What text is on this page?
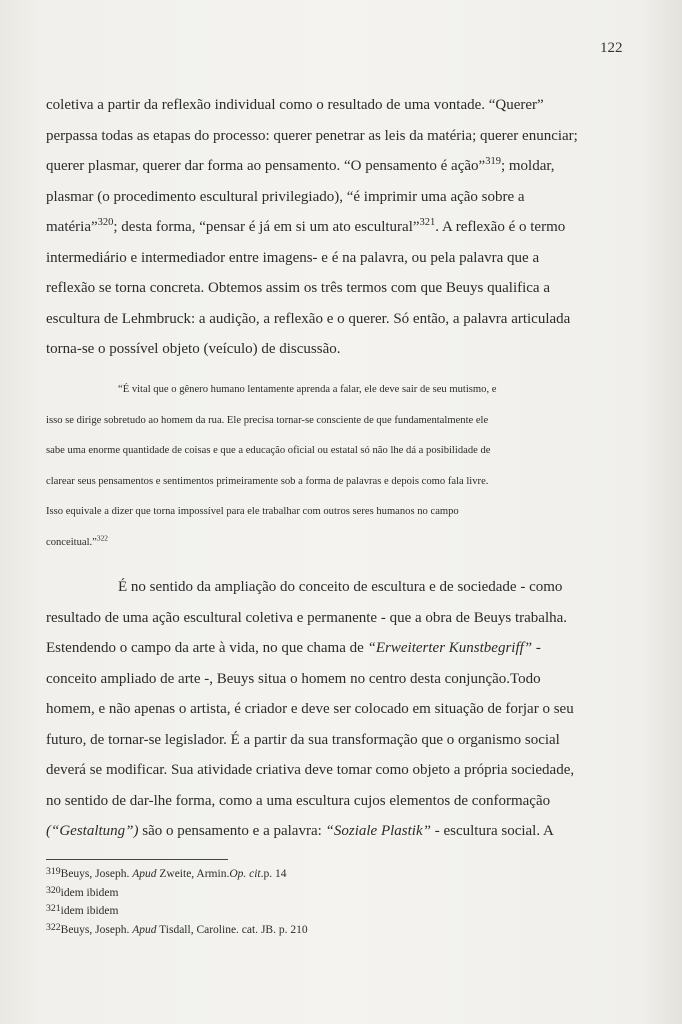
122
coletiva a partir da reflexão individual como o resultado de uma vontade. “Querer”
perpassa todas as etapas do processo: querer penetrar as leis da matéria; querer enunciar;
querer plasmar, querer dar forma ao pensamento. “O pensamento é ação”$^{319}$; moldar,
plasmar (o procedimento escultural privilegiado), “é imprimir uma ação sobre a
matéria”$^{320}$; desta forma, “pensar é já em si um ato escultural”$^{321}$. A reflexão é o termo
intermediário e intermediador entre imagens- e é na palavra, ou pela palavra que a
reflexão se torna concreta. Obtemos assim os três termos com que Beuys qualifica a
escultura de Lehmbruck: a audição, a reflexão e o querer. Só então, a palavra articulada
torna-se o possível objeto (veículo) de discussão.
“É vital que o gênero humano lentamente aprenda a falar, ele deve sair de seu mutismo, e
isso se dirige sobretudo ao homem da rua. Ele precisa tornar-se consciente de que fundamentalmente ele
sabe uma enorme quantidade de coisas e que a educação oficial ou estatal só não lhe dá a posibilidade de
clarear seus pensamentos e sentimentos primeiramente sob a forma de palavras e depois como fala livre.
Isso equivale a dizer que torna impossível para ele trabalhar com outros seres humanos no campo
conceitual.”$^{322}$
É no sentido da ampliação do conceito de escultura e de sociedade - como
resultado de uma ação escultural coletiva e permanente - que a obra de Beuys trabalha.
Estendendo o campo da arte à vida, no que chama de “Erweiterter Kunstbegriff” -
conceito ampliado de arte -, Beuys situa o homem no centro desta conjunção.Todo
homem, e não apenas o artista, é criador e deve ser colocado em situação de forjar o seu
futuro, de tornar-se legislador. É a partir da sua transformação que o organismo social
deverá se modificar. Sua atividade criativa deve tomar como objeto a própria sociedade,
no sentido de dar-lhe forma, como a uma escultura cujos elementos de conformação
(“Gestaltung”) são o pensamento e a palavra: “Soziale Plastik” - escultura social. A
$^{319}$Beuys, Joseph. Apud Zweite, Armin.Op. cit.p. 14
$^{320}$idem ibidem
$^{321}$idem ibidem
$^{322}$Beuys, Joseph. Apud Tisdall, Caroline. cat. JB. p. 210
